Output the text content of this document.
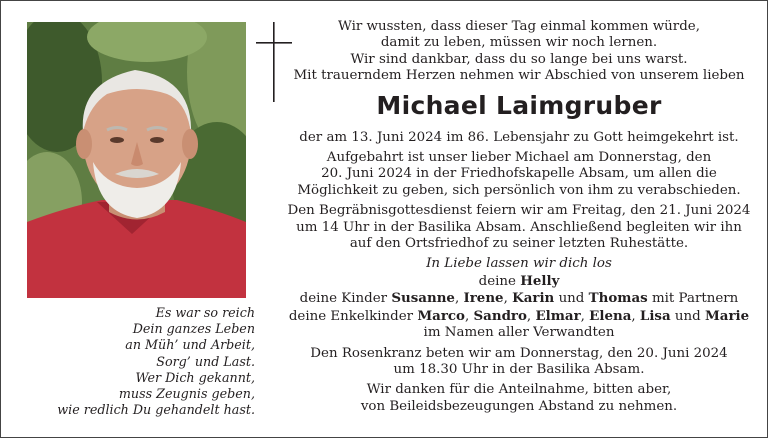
Es war so reich
Dein ganzes Leben
an Müh’ und Arbeit,
Sorg’ und Last.
Wer Dich gekannt,
muss Zeugnis geben,
wie redlich Du gehandelt hast.
Wir wussten, dass dieser Tag einmal kommen würde,
damit zu leben, müssen wir noch lernen.
Wir sind dankbar, dass du so lange bei uns warst.
Mit trauerndem Herzen nehmen wir Abschied von unserem lieben
Michael Laimgruber
der am 13. Juni 2024 im 86. Lebensjahr zu Gott heimgekehrt ist.
Aufgebahrt ist unser lieber Michael am Donnerstag, den
20. Juni 2024 in der Friedhofskapelle Absam, um allen die
Möglichkeit zu geben, sich persönlich von ihm zu verabschieden.
Den Begräbnisgottesdienst feiern wir am Freitag, den 21. Juni 2024
um 14 Uhr in der Basilika Absam. Anschließend begleiten wir ihn
auf den Ortsfriedhof zu seiner letzten Ruhestätte.
In Liebe lassen wir dich los
deine Helly
deine Kinder Susanne, Irene, Karin und Thomas mit Partnern
deine Enkelkinder Marco, Sandro, Elmar, Elena, Lisa und Marie
im Namen aller Verwandten
Den Rosenkranz beten wir am Donnerstag, den 20. Juni 2024
um 18.30 Uhr in der Basilika Absam.
Wir danken für die Anteilnahme, bitten aber,
von Beileidsbezeugungen Abstand zu nehmen.
